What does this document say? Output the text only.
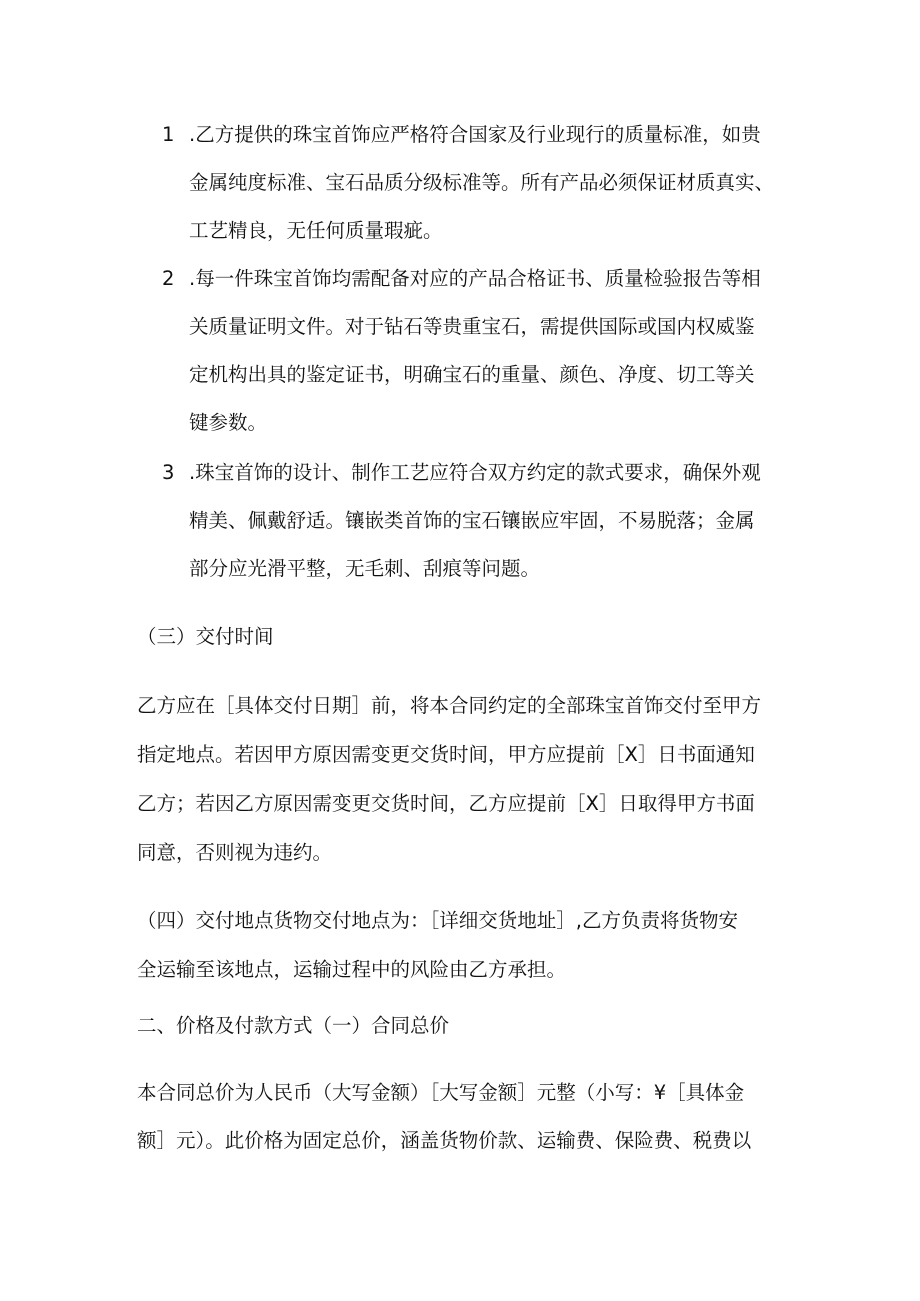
1 .乙方提供的珠宝首饰应严格符合国家及行业现行的质量标准，如贵
金属纯度标准、宝石品质分级标准等。所有产品必须保证材质真实、
工艺精良，无任何质量瑕疵。
2 .每一件珠宝首饰均需配备对应的产品合格证书、质量检验报告等相
关质量证明文件。对于钻石等贵重宝石，需提供国际或国内权威鉴
定机构出具的鉴定证书，明确宝石的重量、颜色、净度、切工等关
键参数。
3 .珠宝首饰的设计、制作工艺应符合双方约定的款式要求，确保外观
精美、佩戴舒适。镶嵌类首饰的宝石镶嵌应牢固，不易脱落；金属
部分应光滑平整，无毛刺、刮痕等问题。
（三）交付时间
乙方应在［具体交付日期］前，将本合同约定的全部珠宝首饰交付至甲方
指定地点。若因甲方原因需变更交货时间，甲方应提前［X］日书面通知
乙方；若因乙方原因需变更交货时间，乙方应提前［X］日取得甲方书面
同意，否则视为违约。
（四）交付地点货物交付地点为：［详细交货地址］,乙方负责将货物安
全运输至该地点，运输过程中的风险由乙方承担。
二、价格及付款方式（一）合同总价
本合同总价为人民币（大写金额）［大写金额］元整（小写：¥［具体金
额］元）。此价格为固定总价，涵盖货物价款、运输费、保险费、税费以
